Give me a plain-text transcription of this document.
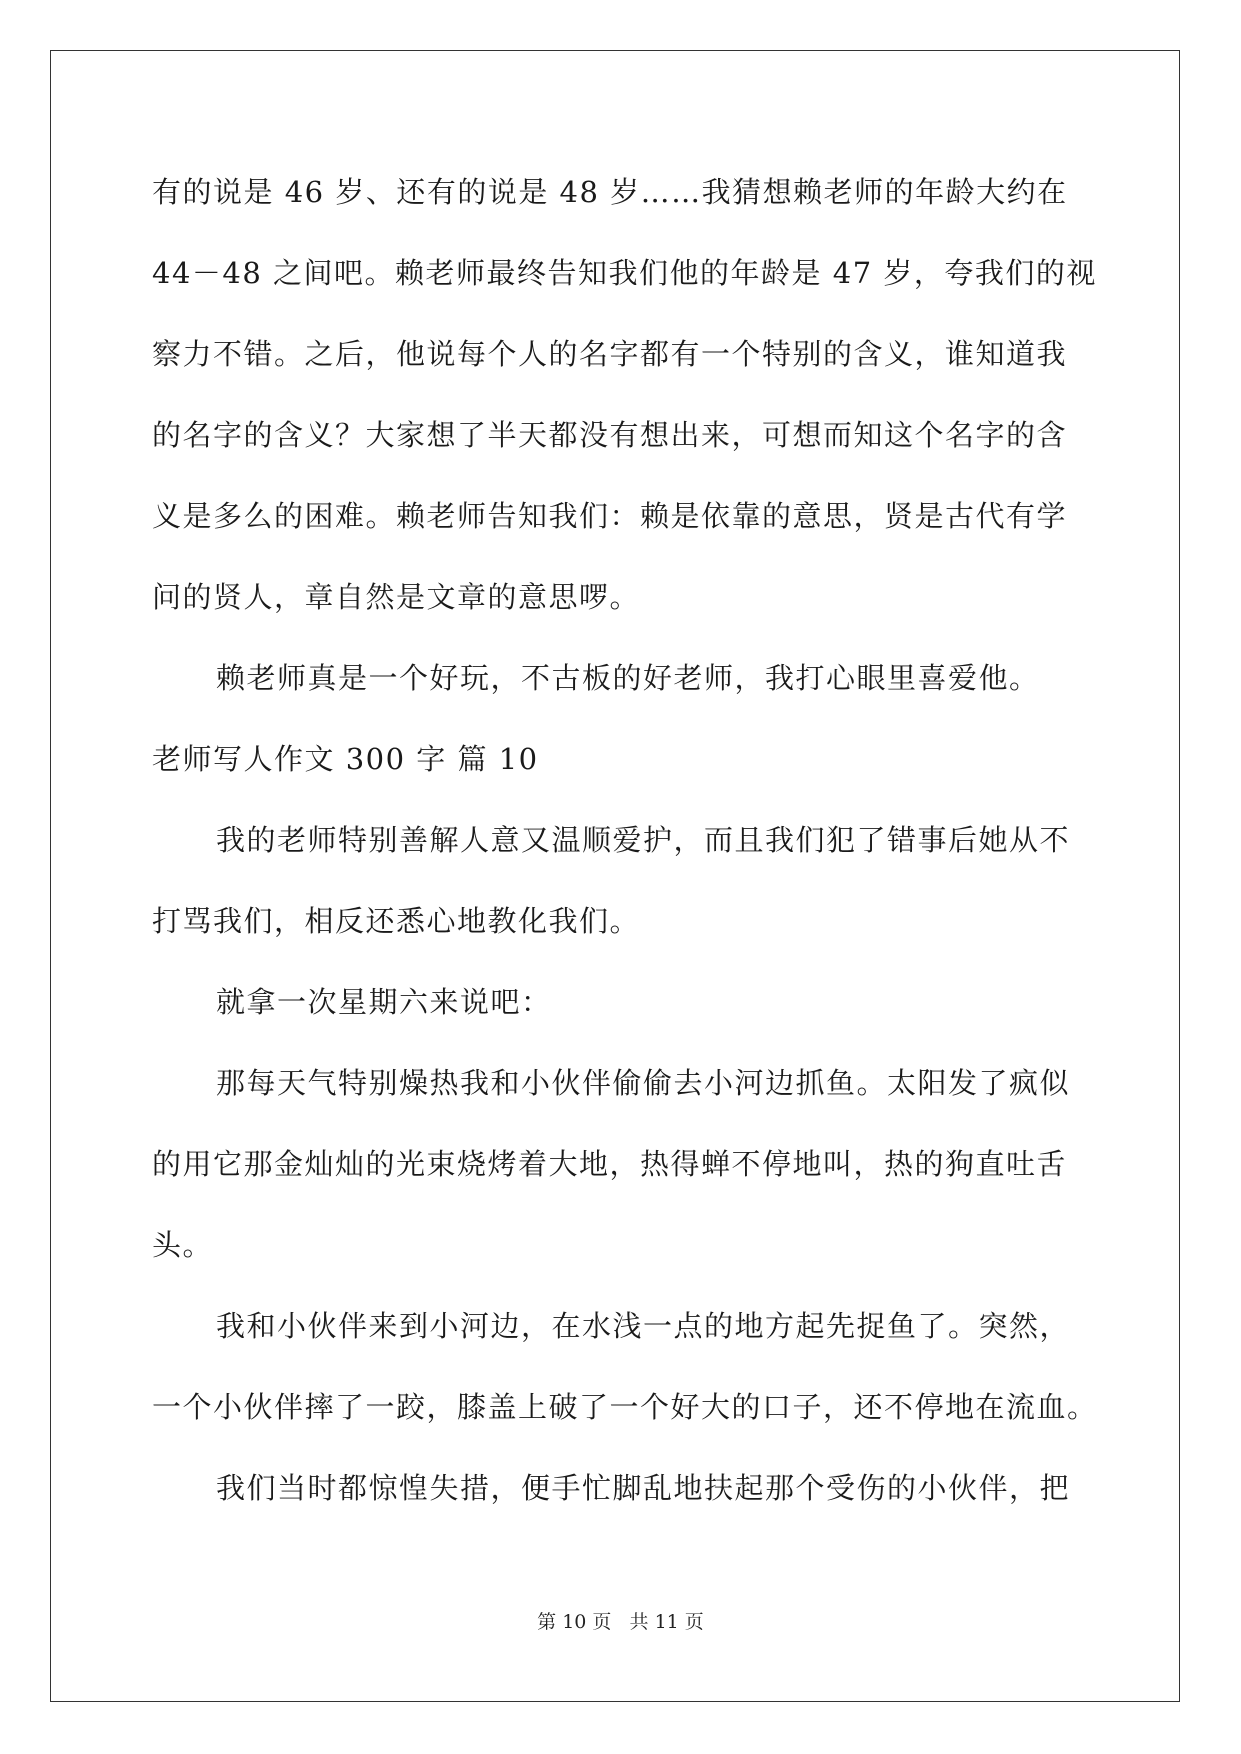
有的说是 46 岁、还有的说是 48 岁……我猜想赖老师的年龄大约在
44－48 之间吧。赖老师最终告知我们他的年龄是 47 岁，夸我们的视
察力不错。之后，他说每个人的名字都有一个特别的含义，谁知道我
的名字的含义？大家想了半天都没有想出来，可想而知这个名字的含
义是多么的困难。赖老师告知我们：赖是依靠的意思，贤是古代有学
问的贤人，章自然是文章的意思啰。
赖老师真是一个好玩，不古板的好老师，我打心眼里喜爱他。
老师写人作文 300 字 篇 10
我的老师特别善解人意又温顺爱护，而且我们犯了错事后她从不
打骂我们，相反还悉心地教化我们。
就拿一次星期六来说吧：
那每天气特别燥热我和小伙伴偷偷去小河边抓鱼。太阳发了疯似
的用它那金灿灿的光束烧烤着大地，热得蝉不停地叫，热的狗直吐舌
头。
我和小伙伴来到小河边，在水浅一点的地方起先捉鱼了。突然，
一个小伙伴摔了一跤，膝盖上破了一个好大的口子，还不停地在流血。
我们当时都惊惶失措，便手忙脚乱地扶起那个受伤的小伙伴，把
第 10 页   共 11 页
